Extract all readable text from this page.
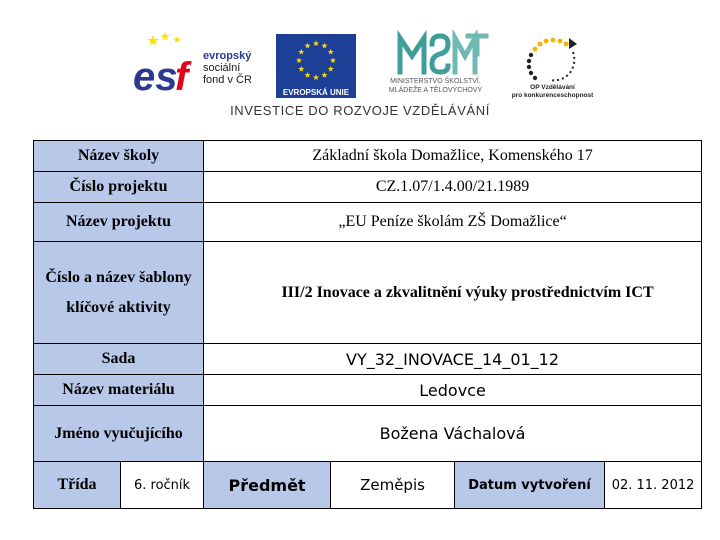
es
f	evropský
sociální
fond v ČR
EVROPSKÁ UNIE
MINISTERSTVO ŠKOLSTVÍ,
MLÁDEŽE A TĚLOVÝCHOVY	OP Vzdělávání
pro konkurenceschopnost
INVESTICE DO ROZVOJE VZDĚLÁVÁNÍ
Název školy		Základní škola Domažlice, Komenského 17			
Číslo projektu		CZ.1.07/1.4.00/21.1989			
Název projektu		„EU Peníze školám ZŠ Domažlice“			
Číslo a název šablony klíčové aktivity		III/2 Inovace a zkvalitnění výuky prostřednictvím ICT			
Sada		VY_32_INOVACE_14_01_12			
Název materiálu		Ledovce			
Jméno vyučujícího		Božena Váchalová			
Třída	6. ročník	Předmět	Zeměpis	Datum vytvoření	02. 11. 2012
